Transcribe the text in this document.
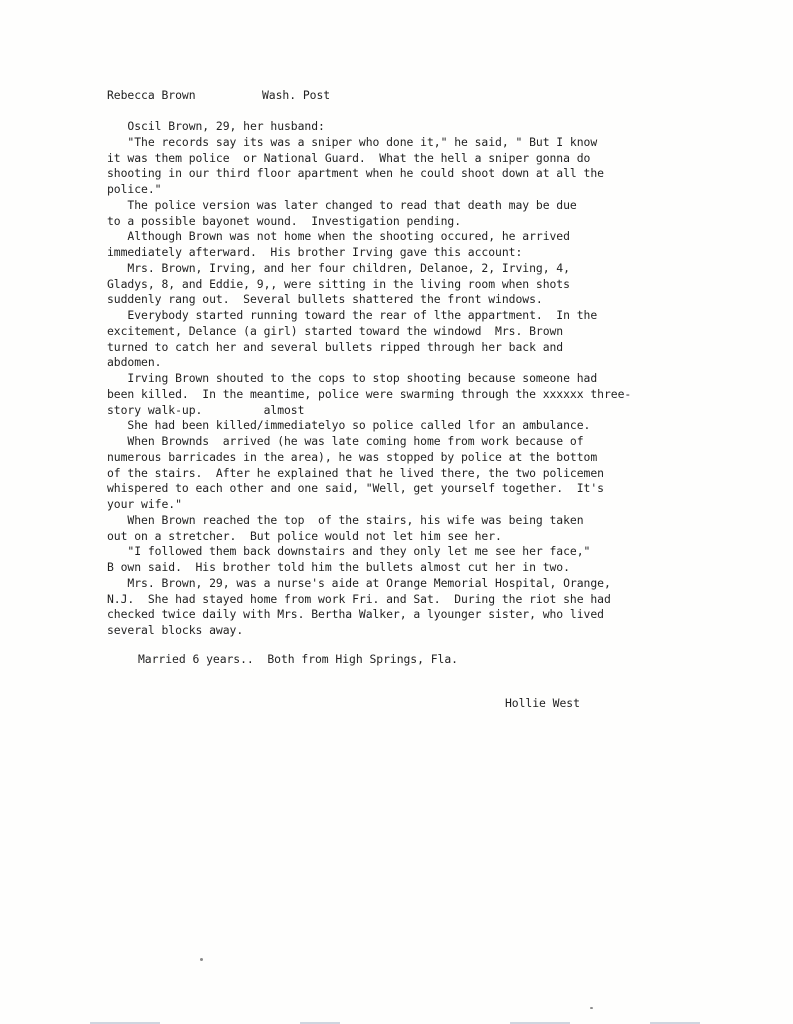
Rebecca Brown

	Wash. Post

Oscil Brown, 29, her husband:
"The records say its was a sniper who done it," he said, " But I know
it was them police  or National Guard.  What the hell a sniper gonna do
shooting in our third floor apartment when he could shoot down at all the
police."
The police version was later changed to read that death may be due
to a possible bayonet wound.  Investigation pending.
Although Brown was not home when the shooting occured, he arrived
immediately afterward.  His brother Irving gave this account:
Mrs. Brown, Irving, and her four children, Delanoe, 2, Irving, 4,
Gladys, 8, and Eddie, 9,, were sitting in the living room when shots
suddenly rang out.  Several bullets shattered the front windows.
Everybody started running toward the rear of lthe appartment.  In the
excitement, Delance (a girl) started toward the windowd  Mrs. Brown
turned to catch her and several bullets ripped through her back and
abdomen.
Irving Brown shouted to the cops to stop shooting because someone had
been killed.  In the meantime, police were swarming through the xxxxxx three-
story walk-up.         almost
She had been killed/immediatelyo so police called lfor an ambulance.
When Brownds  arrived (he was late coming home from work because of
numerous barricades in the area), he was stopped by police at the bottom
of the stairs.  After he explained that he lived there, the two policemen
whispered to each other and one said, "Well, get yourself together.  It's
your wife."
When Brown reached the top  of the stairs, his wife was being taken
out on a stretcher.  But police would not let him see her.
"I followed them back downstairs and they only let me see her face,"
B own said.  His brother told him the bullets almost cut her in two.
Mrs. Brown, 29, was a nurse's aide at Orange Memorial Hospital, Orange,
N.J.  She had stayed home from work Fri. and Sat.  During the riot she had
checked twice daily with Mrs. Bertha Walker, a lyounger sister, who lived
several blocks away.

Married 6 years..  Both from High Springs, Fla.

Hollie West
